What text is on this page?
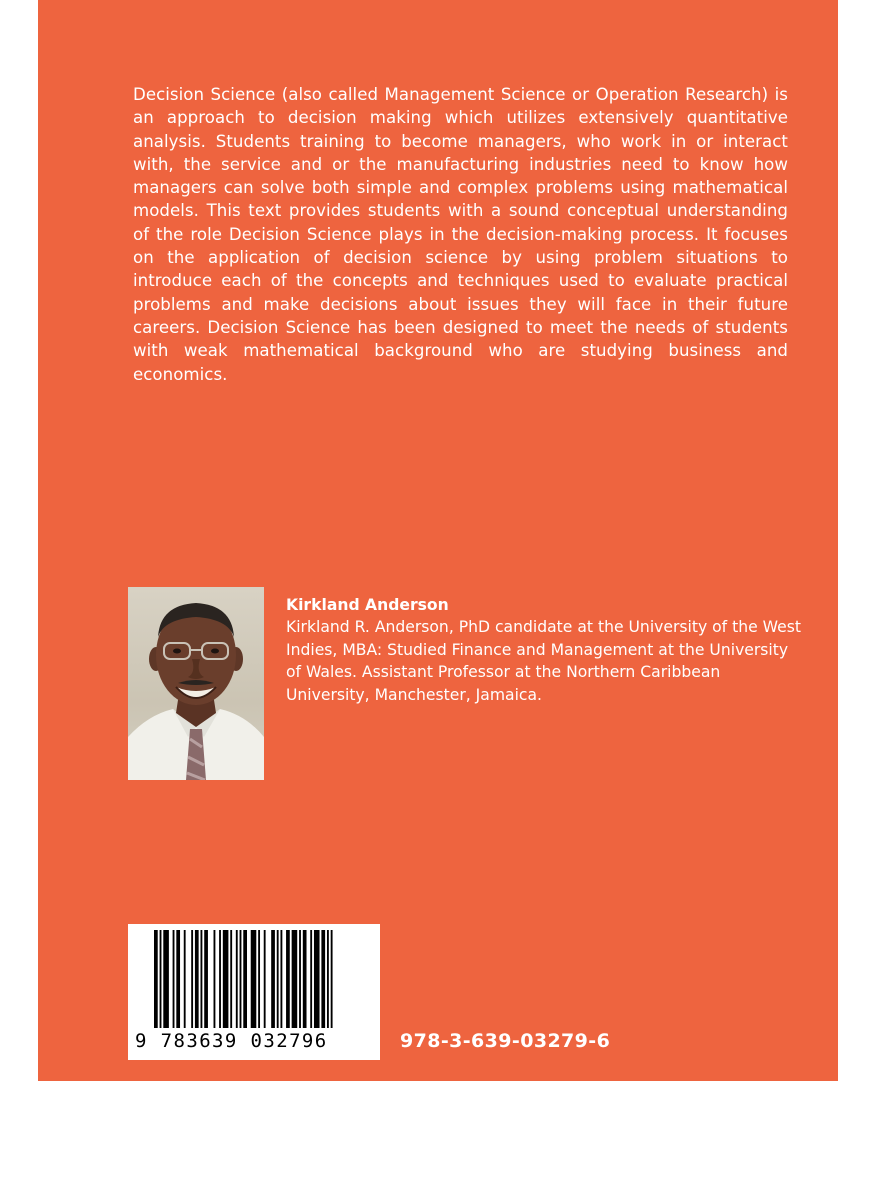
Decision Science (also called Management Science or Operation Research) is an approach to decision making which utilizes extensively quantitative analysis. Students training to become managers, who work in or interact with, the service and or the manufacturing industries need to know how managers can solve both simple and complex problems using mathematical models. This text provides students with a sound conceptual understanding of the role Decision Science plays in the decision-making process. It focuses on the application of decision science by using problem situations to introduce each of the concepts and techniques used to evaluate practical problems and make decisions about issues they will face in their future careers. Decision Science has been designed to meet the needs of students with weak mathematical background who are studying business and economics.

Kirkland Anderson

Kirkland R. Anderson, PhD candidate at the University of the West Indies, MBA: Studied Finance and Management at the University of Wales. Assistant Professor at the Northern Caribbean University, Manchester, Jamaica.

9 783639 032796	978-3-639-03279-6
